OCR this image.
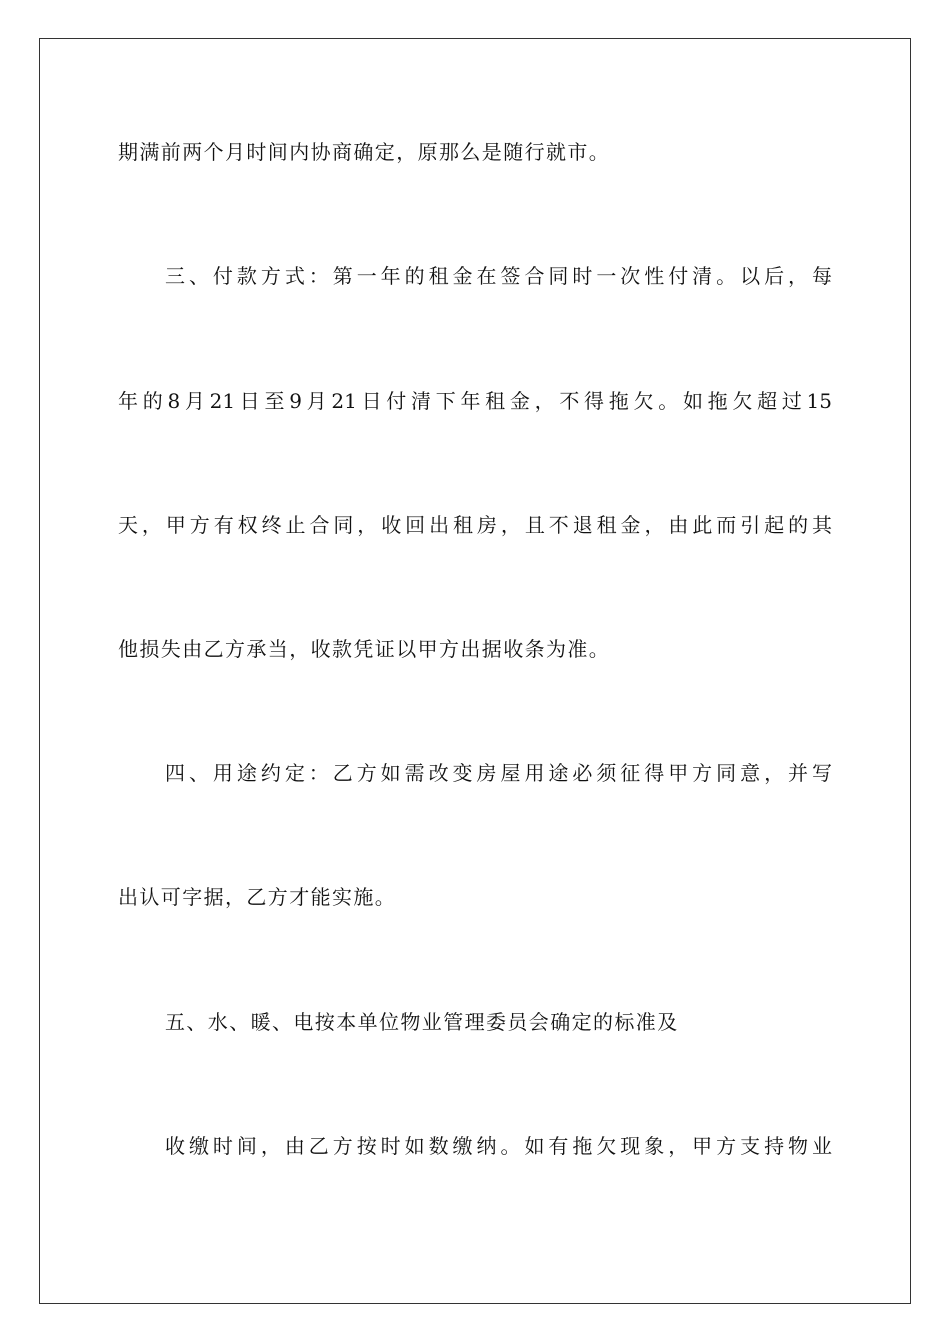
期满前两个月时间内协商确定，原那么是随行就市。
三、付款方式：第一年的租金在签合同时一次性付清。以后，每
年的8月21日至9月21日付清下年租金，不得拖欠。如拖欠超过15
天，甲方有权终止合同，收回出租房，且不退租金，由此而引起的其
他损失由乙方承当，收款凭证以甲方出据收条为准。
四、用途约定：乙方如需改变房屋用途必须征得甲方同意，并写
出认可字据，乙方才能实施。
五、水、暖、电按本单位物业管理委员会确定的标准及
收缴时间，由乙方按时如数缴纳。如有拖欠现象，甲方支持物业
